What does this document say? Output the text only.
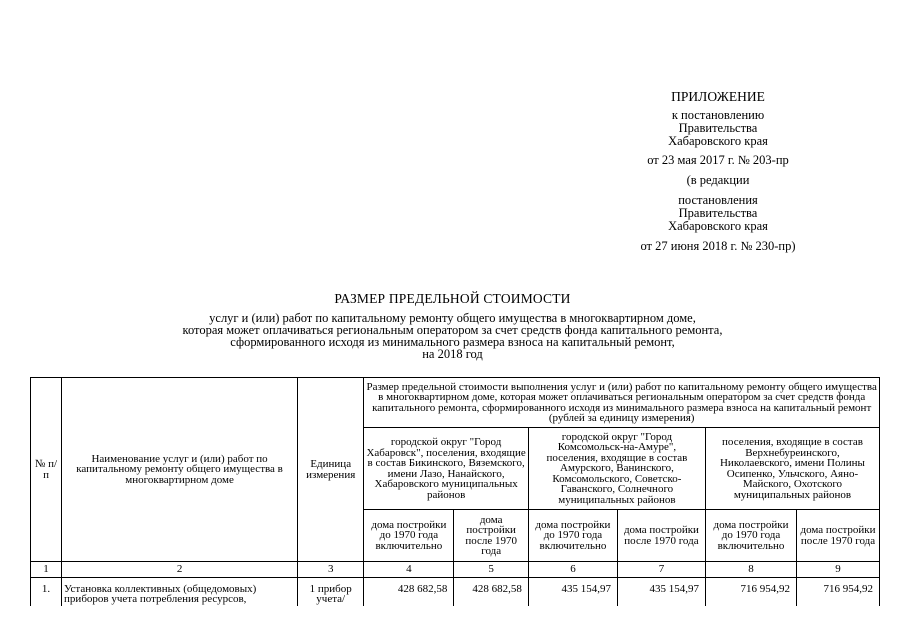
ПРИЛОЖЕНИЕ
к постановлению
Правительства
Хабаровского края
от 23 мая 2017 г. № 203-пр
(в редакции
постановления
Правительства
Хабаровского края
от 27 июня 2018 г. № 230-пр)
РАЗМЕР ПРЕДЕЛЬНОЙ СТОИМОСТИ
услуг и (или) работ по капитальному ремонту общего имущества в многоквартирном доме,
которая может оплачиваться региональным оператором за счет средств фонда капитального ремонта,
сформированного исходя из минимального размера взноса на капитальный ремонт,
на 2018 год
№ п/п	Наименование услуг и (или) работ по капитальному ремонту общего имущества в многоквартирном доме	Единица измерения	Размер предельной стоимости выполнения услуг и (или) работ по капитальному ремонту общего имущества в многоквартирном доме, которая может оплачиваться региональным оператором за счет средств фонда капитального ремонта, сформированного исходя из минимального размера взноса на капитальный ремонт (рублей за единицу измерения)					
			городской округ "Город Хабаровск", поселения, входящие в состав Бикинского, Вяземского, имени Лазо, Нанайского, Хабаровского муниципальных районов		городской округ "Город Комсомольск-на-Амуре", поселения, входящие в состав Амурского, Ванинского, Комсомольского, Советско-Гаванского, Солнечного муниципальных районов		поселения, входящие в состав Верхнебуреинского, Николаевского, имени Полины Осипенко, Ульчского, Аяно-Майского, Охотского муниципальных районов	
			дома постройки до 1970 года включительно	дома постройки после 1970 года	дома постройки до 1970 года включительно	дома постройки после 1970 года	дома постройки до 1970 года включительно	дома постройки после 1970 года
1	2	3	4	5	6	7	8	9
1.	Установка коллективных (общедомовых) приборов учета потребления ресурсов,	1 прибор учета/	428 682,58	428 682,58	435 154,97	435 154,97	716 954,92	716 954,92
